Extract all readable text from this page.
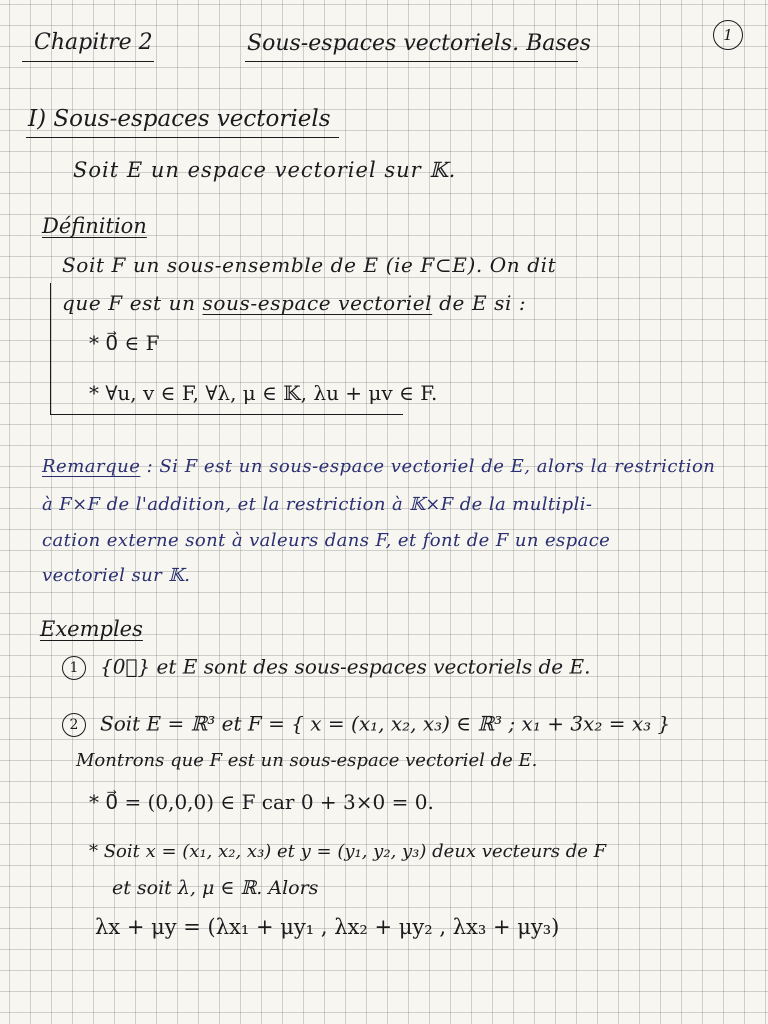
Chapitre 2	Sous-espaces vectoriels. Bases	1
I) Sous-espaces vectoriels
Soit E un espace vectoriel sur 𝕂.
Définition
Soit F un sous-ensemble de E (ie F⊂E). On dit
que F est un sous-espace vectoriel de E si :
* 0⃗ ∈ F
* ∀u, v ∈ F, ∀λ, μ ∈ 𝕂, λu + μv ∈ F.
Remarque : Si F est un sous-espace vectoriel de E, alors la restriction
à F×F de l'addition, et la restriction à 𝕂×F de la multipli-
cation externe sont à valeurs dans F, et font de F un espace
vectoriel sur 𝕂.
Exemples
1 {0⃗} et E sont des sous-espaces vectoriels de E.
2 Soit E = ℝ³ et F = { x = (x₁, x₂, x₃) ∈ ℝ³ ; x₁ + 3x₂ = x₃ }
Montrons que F est un sous-espace vectoriel de E.
* 0⃗ = (0,0,0) ∈ F car 0 + 3×0 = 0.
* Soit x = (x₁, x₂, x₃) et y = (y₁, y₂, y₃) deux vecteurs de F
et soit λ, μ ∈ ℝ. Alors
λx + μy = (λx₁ + μy₁ , λx₂ + μy₂ , λx₃ + μy₃)
